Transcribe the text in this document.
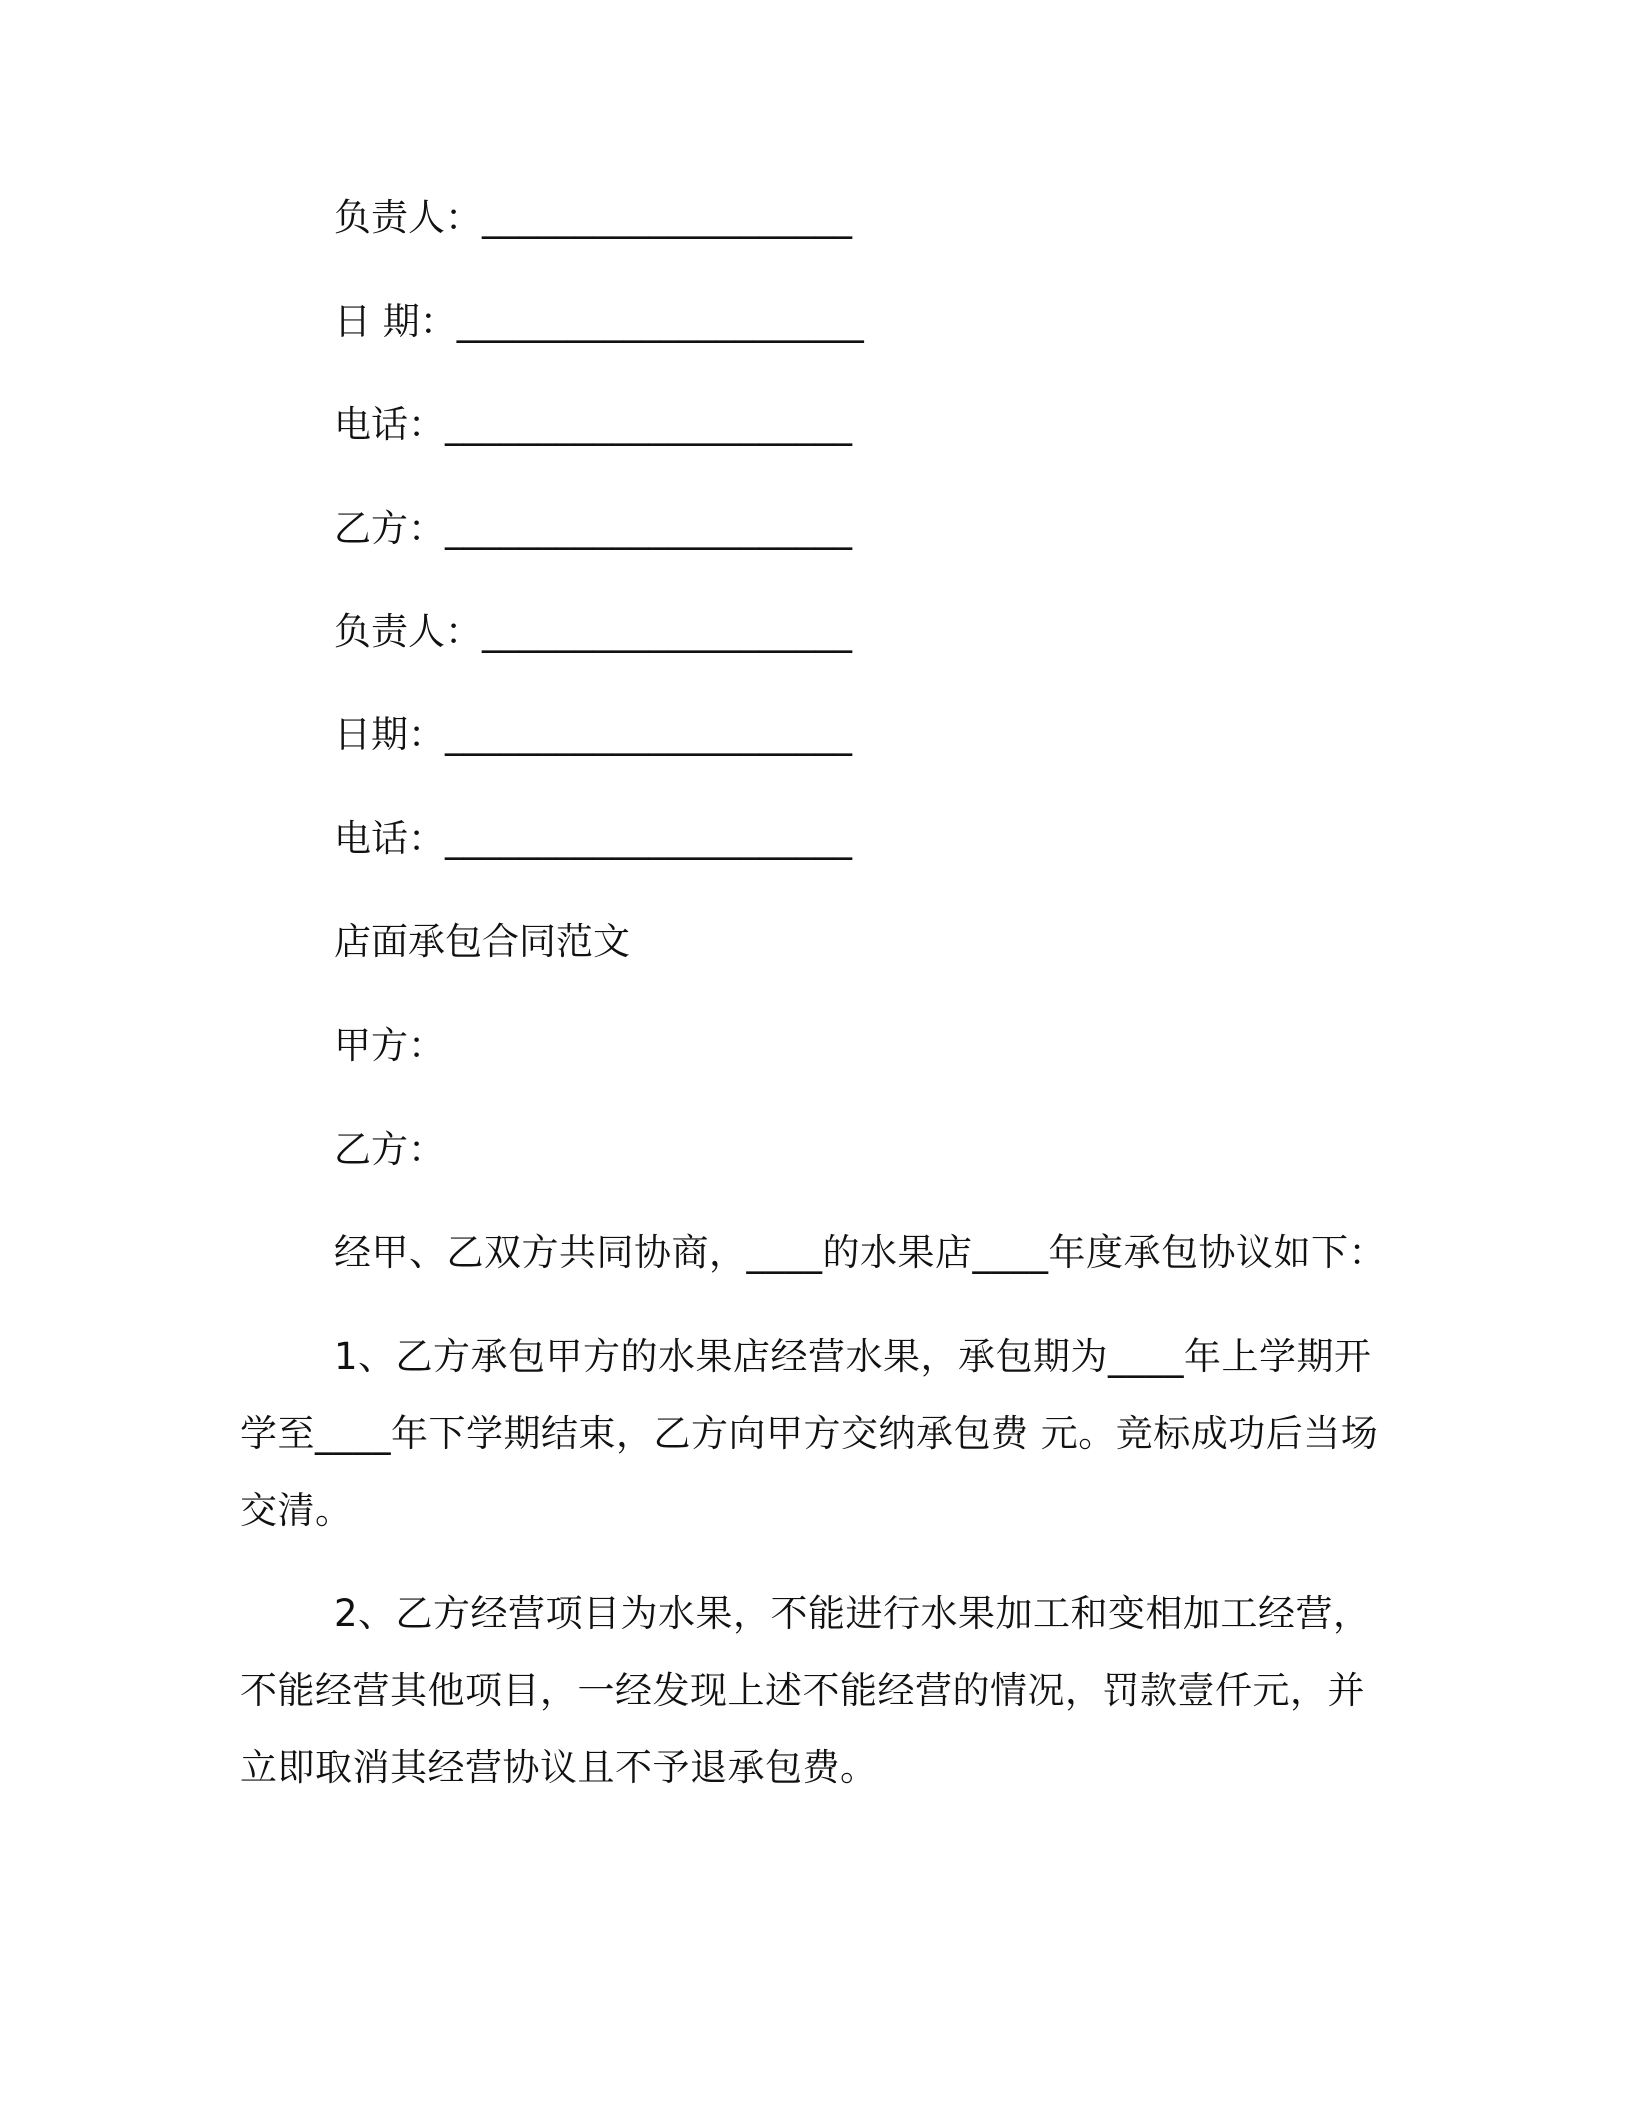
负责人：____________________
日 期：______________________
电话：______________________
乙方：______________________
负责人：____________________
日期：______________________
电话：______________________
店面承包合同范文
甲方：
乙方：
经甲、乙双方共同协商，____的水果店____年度承包协议如下：

1、乙方承包甲方的水果店经营水果，承包期为____年上学期开学至____年下学期结束，乙方向甲方交纳承包费 元。竞标成功后当场交清。

2、乙方经营项目为水果，不能进行水果加工和变相加工经营，不能经营其他项目，一经发现上述不能经营的情况，罚款壹仟元，并立即取消其经营协议且不予退承包费。
